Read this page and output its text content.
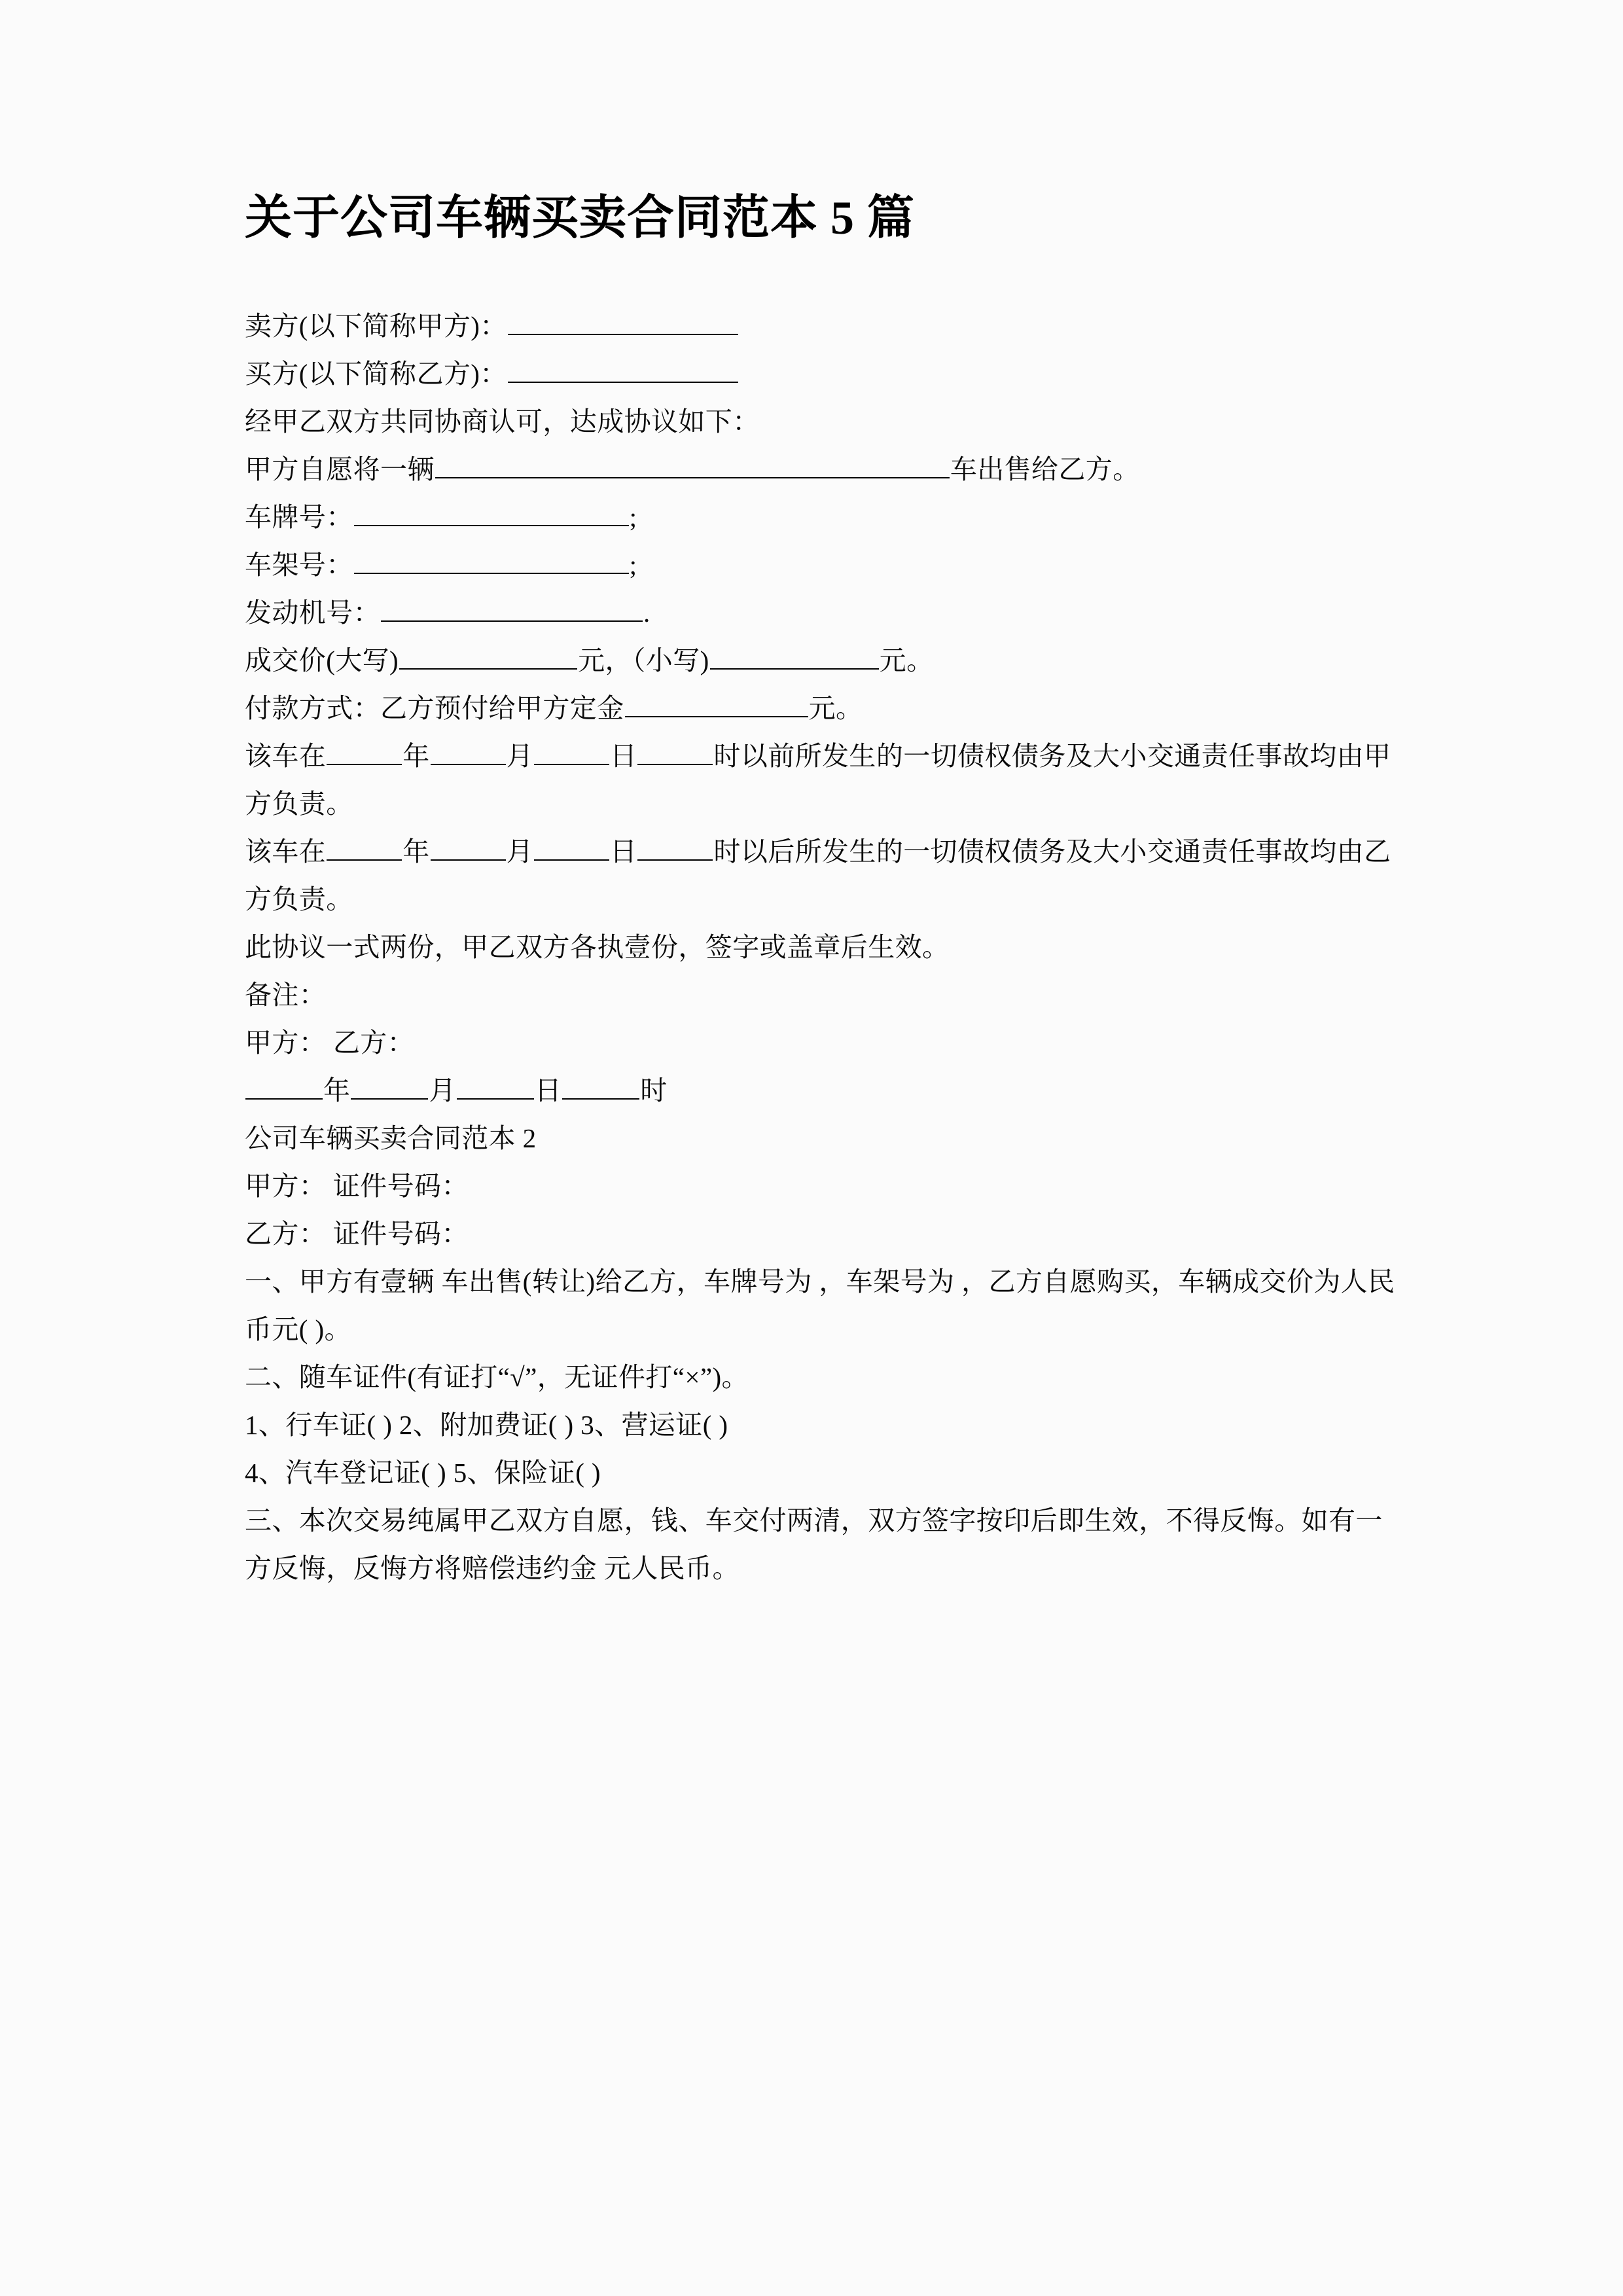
关于公司车辆买卖合同范本 5 篇

卖方(以下简称甲方)：

买方(以下简称乙方)：

经甲乙双方共同协商认可，达成协议如下：

甲方自愿将一辆	车出售给乙方。

车牌号：	;

车架号：	;

发动机号：	.

成交价(大写)	元，（小写)	元。

付款方式：乙方预付给甲方定金	元。

该车在	年	月	日	时以前所发生的一切债权债务及大小交通责任事故均由甲方负责。

该车在	年	月	日	时以后所发生的一切债权债务及大小交通责任事故均由乙方负责。

此协议一式两份，甲乙双方各执壹份，签字或盖章后生效。

备注：

甲方： 乙方：

年	月	日	时

公司车辆买卖合同范本 2

甲方： 证件号码：

乙方： 证件号码：

一、甲方有壹辆 车出售(转让)给乙方，车牌号为 ，车架号为 ，乙方自愿购买，车辆成交价为人民币元( )。

二、随车证件(有证打“√”，无证件打“×”)。

1、行车证( ) 2、附加费证( ) 3、营运证( )

4、汽车登记证( ) 5、保险证( )

三、本次交易纯属甲乙双方自愿，钱、车交付两清，双方签字按印后即生效，不得反悔。如有一方反悔，反悔方将赔偿违约金 元人民币。
